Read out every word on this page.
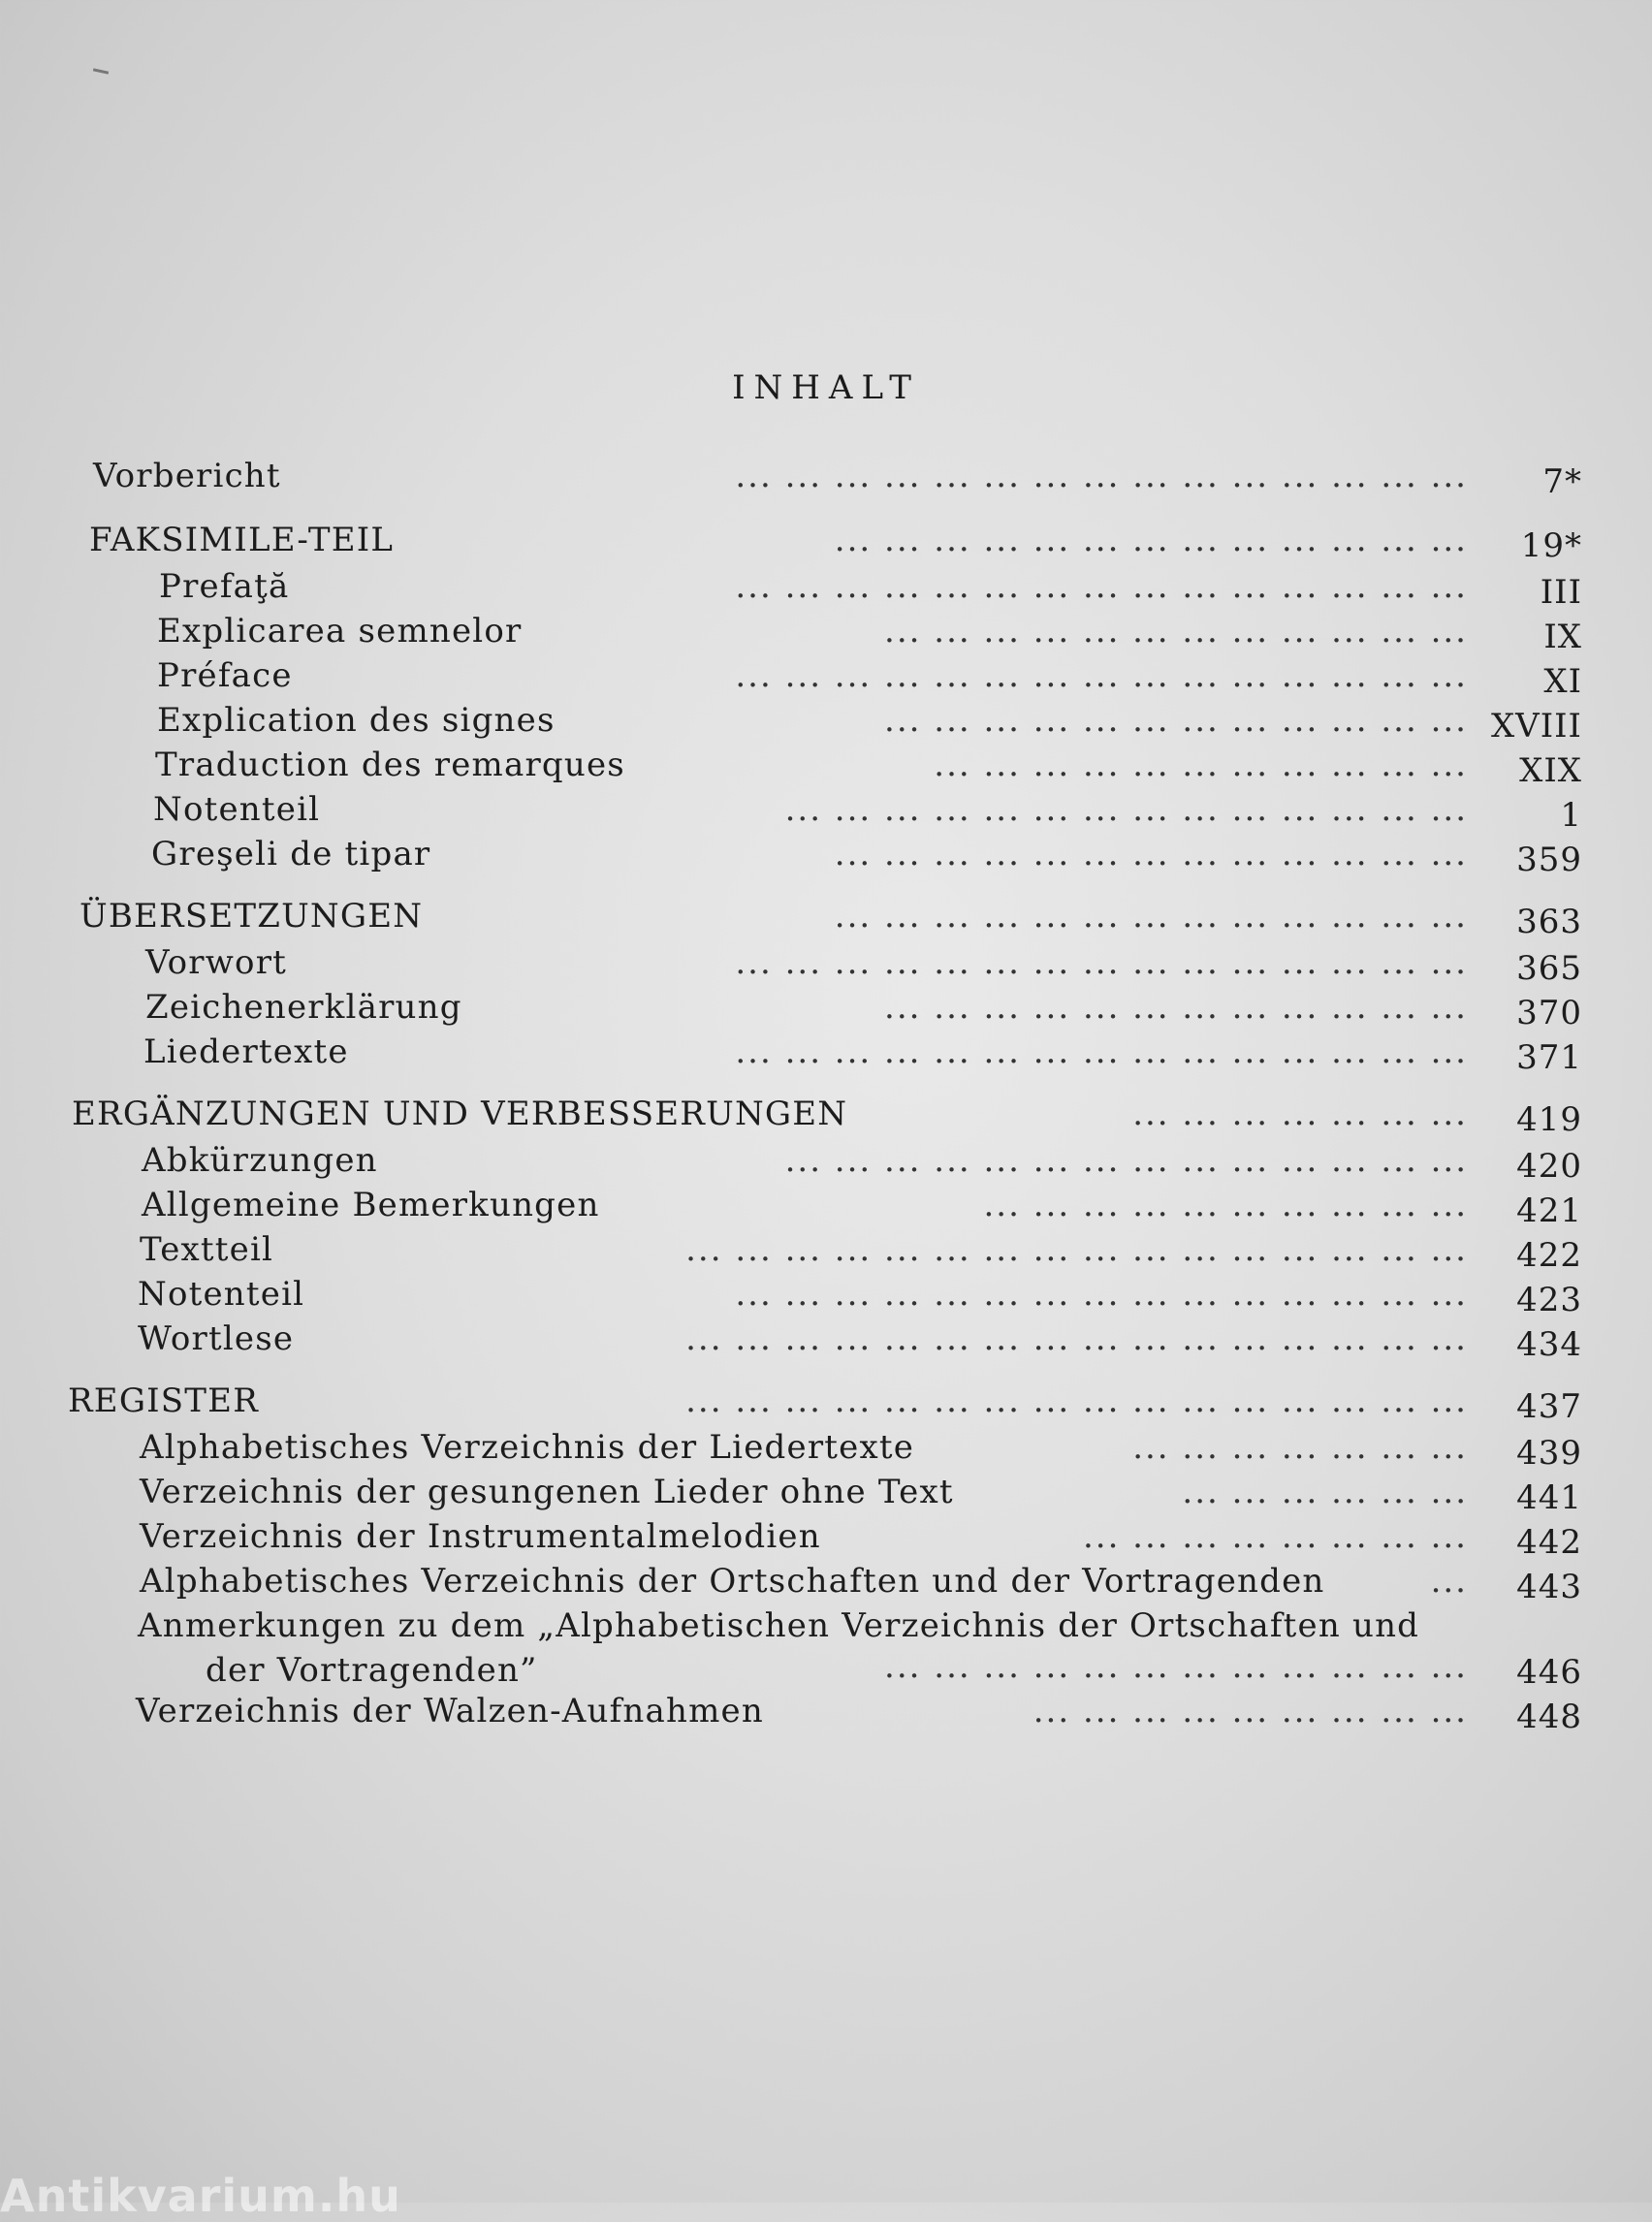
INHALT
Vorbericht	... ... ... ... ... ... ... ... ... ... ... ... ... ... ...	7*
FAKSIMILE-TEIL	... ... ... ... ... ... ... ... ... ... ... ... ...	19*
Prefaţă	... ... ... ... ... ... ... ... ... ... ... ... ... ... ...	III
Explicarea semnelor	... ... ... ... ... ... ... ... ... ... ... ...	IX
Préface	... ... ... ... ... ... ... ... ... ... ... ... ... ... ...	XI
Explication des signes	... ... ... ... ... ... ... ... ... ... ... ... XVIII
Traduction des remarques	... ... ... ... ... ... ... ... ... ... ...	XIX
Notenteil	... ... ... ... ... ... ... ... ... ... ... ... ... ...	1
Greşeli de tipar	... ... ... ... ... ... ... ... ... ... ... ... ...	359
ÜBERSETZUNGEN	... ... ... ... ... ... ... ... ... ... ... ... ...	363
Vorwort	... ... ... ... ... ... ... ... ... ... ... ... ... ... ...	365
Zeichenerklärung	... ... ... ... ... ... ... ... ... ... ... ...	370
Liedertexte	... ... ... ... ... ... ... ... ... ... ... ... ... ... ...	371
ERGÄNZUNGEN UND VERBESSERUNGEN	... ... ... ... ... ... ...	419
Abkürzungen	... ... ... ... ... ... ... ... ... ... ... ... ... ...	420
Allgemeine Bemerkungen	... ... ... ... ... ... ... ... ... ...	421
Textteil	... ... ... ... ... ... ... ... ... ... ... ... ... ... ... ...	422
Notenteil	... ... ... ... ... ... ... ... ... ... ... ... ... ... ...	423
Wortlese	... ... ... ... ... ... ... ... ... ... ... ... ... ... ... ...	434
REGISTER	... ... ... ... ... ... ... ... ... ... ... ... ... ... ... ...	437
Alphabetisches Verzeichnis der Liedertexte	... ... ... ... ... ... ...	439
Verzeichnis der gesungenen Lieder ohne Text	... ... ... ... ... ...	441
Verzeichnis der Instrumentalmelodien	... ... ... ... ... ... ... ...	442
Alphabetisches Verzeichnis der Ortschaften und der Vortragenden	...	443
Anmerkungen zu dem „Alphabetischen Verzeichnis der Ortschaften und
der Vortragenden”	... ... ... ... ... ... ... ... ... ... ... ...	446
Verzeichnis der Walzen-Aufnahmen	... ... ... ... ... ... ... ... ...	448
Antikvarium.hu
